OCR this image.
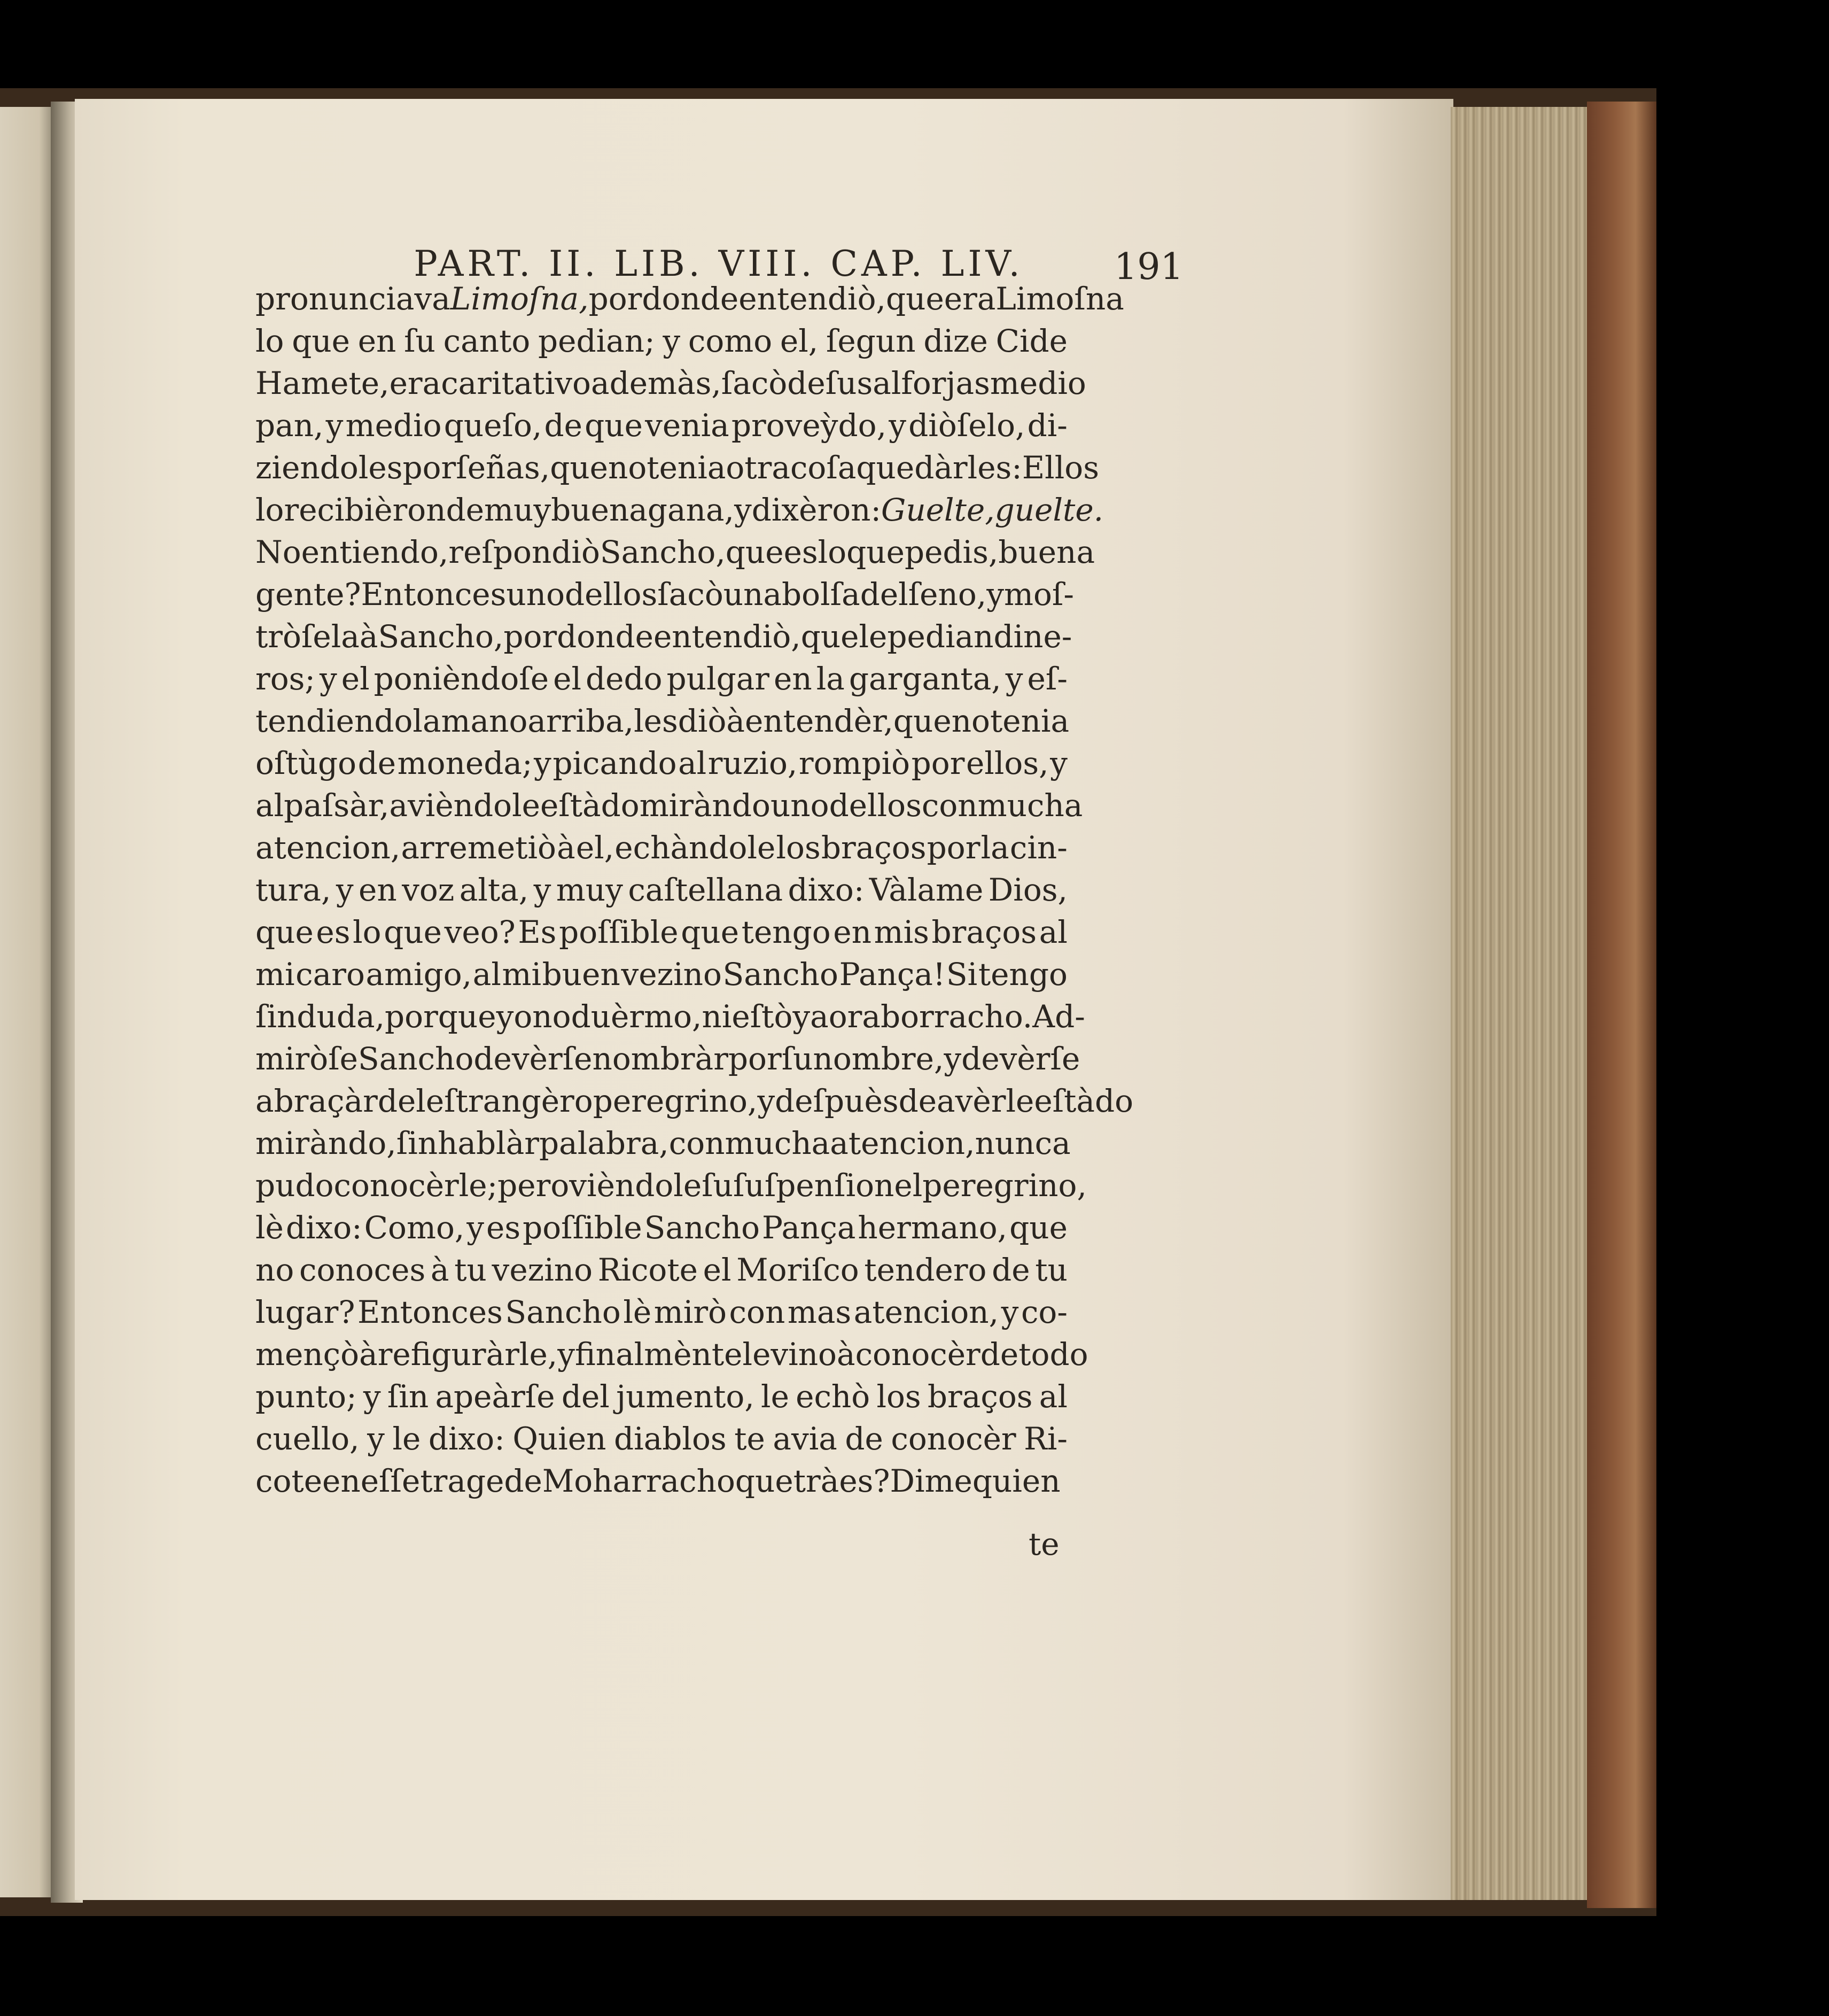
PART. II. LIB. VIII. CAP. LIV.	191
pronunciava Limoſna, por donde entendiò, que era Limoſna
lo que en ſu canto pedian; y como el, ſegun dize Cide
Hamete, era caritativo ademàs, ſacò de ſus alforjas medio
pan, y medio queſo, de que venia proveỳdo, y diòſelo, di-
ziendoles por ſeñas, que no tenia otra coſa que dàrles: Ellos
lo recibièron de muy buena gana, y dixèron: Guelte, guelte.
No entiendo, reſpondiò Sancho, que es lo que pedis, buena
gente? Entonces uno dellos ſacò una bolſa del ſeno, y moſ-
tròſela à Sancho, por donde entendiò, que le pedian dine-
ros; y el ponièndoſe el dedo pulgar en la garganta, y eſ-
tendiendo la mano arriba, les diò à entendèr, que no tenia
oſtùgo de moneda; y picando al ruzio, rompiò por ellos, y
al paſsàr, avièndole eſtàdo miràndo uno dellos con mucha
atencion, arremetiò à el, echàndole los braços por la cin-
tura, y en voz alta, y muy caſtellana dixo: Vàlame Dios,
que es lo que veo? Es poſſible que tengo en mis braços al
mi caro amigo, al mi buen vezino Sancho Pança! Si tengo
ſin duda, porque yo no duèrmo, ni eſtòy aora borracho. Ad-
miròſe Sancho de vèrſe nombràr por ſu nombre, y de vèrſe
abraçàr del eſtrangèro peregrino, y deſpuès de avèrle eſtàdo
miràndo, ſin hablàr palabra, con mucha atencion, nunca
pudo conocèrle; pero vièndole ſu ſuſpenſion el peregrino,
lè dixo: Como, y es poſſible Sancho Pança hermano, que
no conoces à tu vezino Ricote el Moriſco tendero de tu
lugar? Entonces Sancho lè mirò con mas atencion, y co-
mençò à refiguràrle, y finalmènte le vino à conocèr de todo
punto; y ſin apeàrſe del jumento, le echò los braços al
cuello, y le dixo: Quien diablos te avia de conocèr Ri-
cote en eſſe trage de Moharracho que tràes? Dime quien
te
